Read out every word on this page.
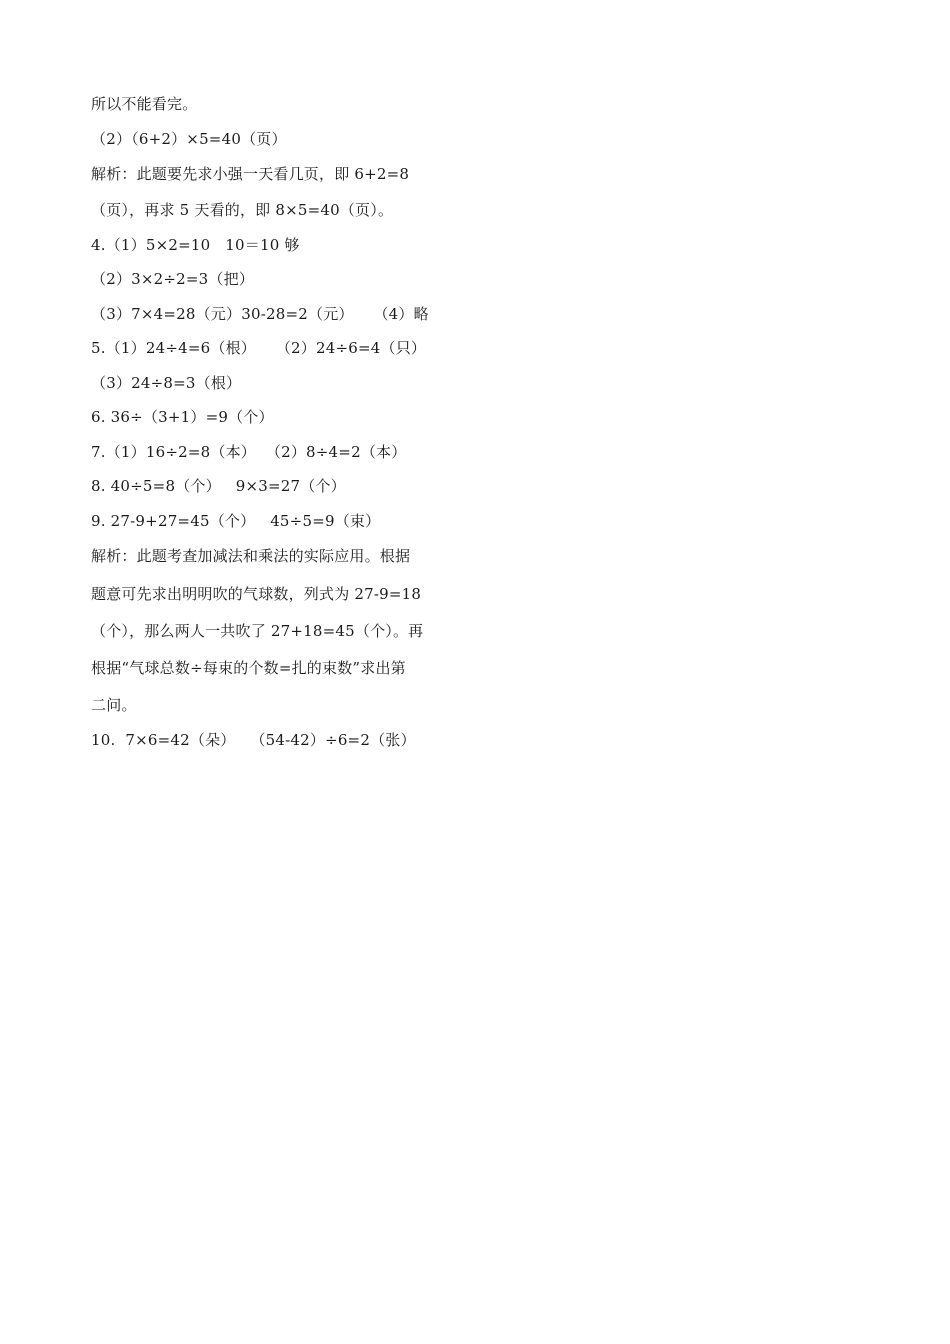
所以不能看完。
（2）（6+2）×5=40（页）
解析：此题要先求小强一天看几页，即 6+2=8
（页），再求 5 天看的，即 8×5=40（页）。
4.（1）5×2=10   10＝10 够
（2）3×2÷2=3（把）
（3）7×4=28（元）30-28=2（元）    （4）略
5.（1）24÷4=6（根）    （2）24÷6=4（只）
（3）24÷8=3（根）
6. 36÷（3+1）=9（个）
7.（1）16÷2=8（本）  （2）8÷4=2（本）
8. 40÷5=8（个）   9×3=27（个）
9. 27-9+27=45（个）   45÷5=9（束）
解析：此题考查加减法和乘法的实际应用。根据
题意可先求出明明吹的气球数，列式为 27-9=18
（个），那么两人一共吹了 27+18=45（个）。再
根据“气球总数÷每束的个数=扎的束数”求出第
二问。
10.  7×6=42（朵）   （54-42）÷6=2（张）
